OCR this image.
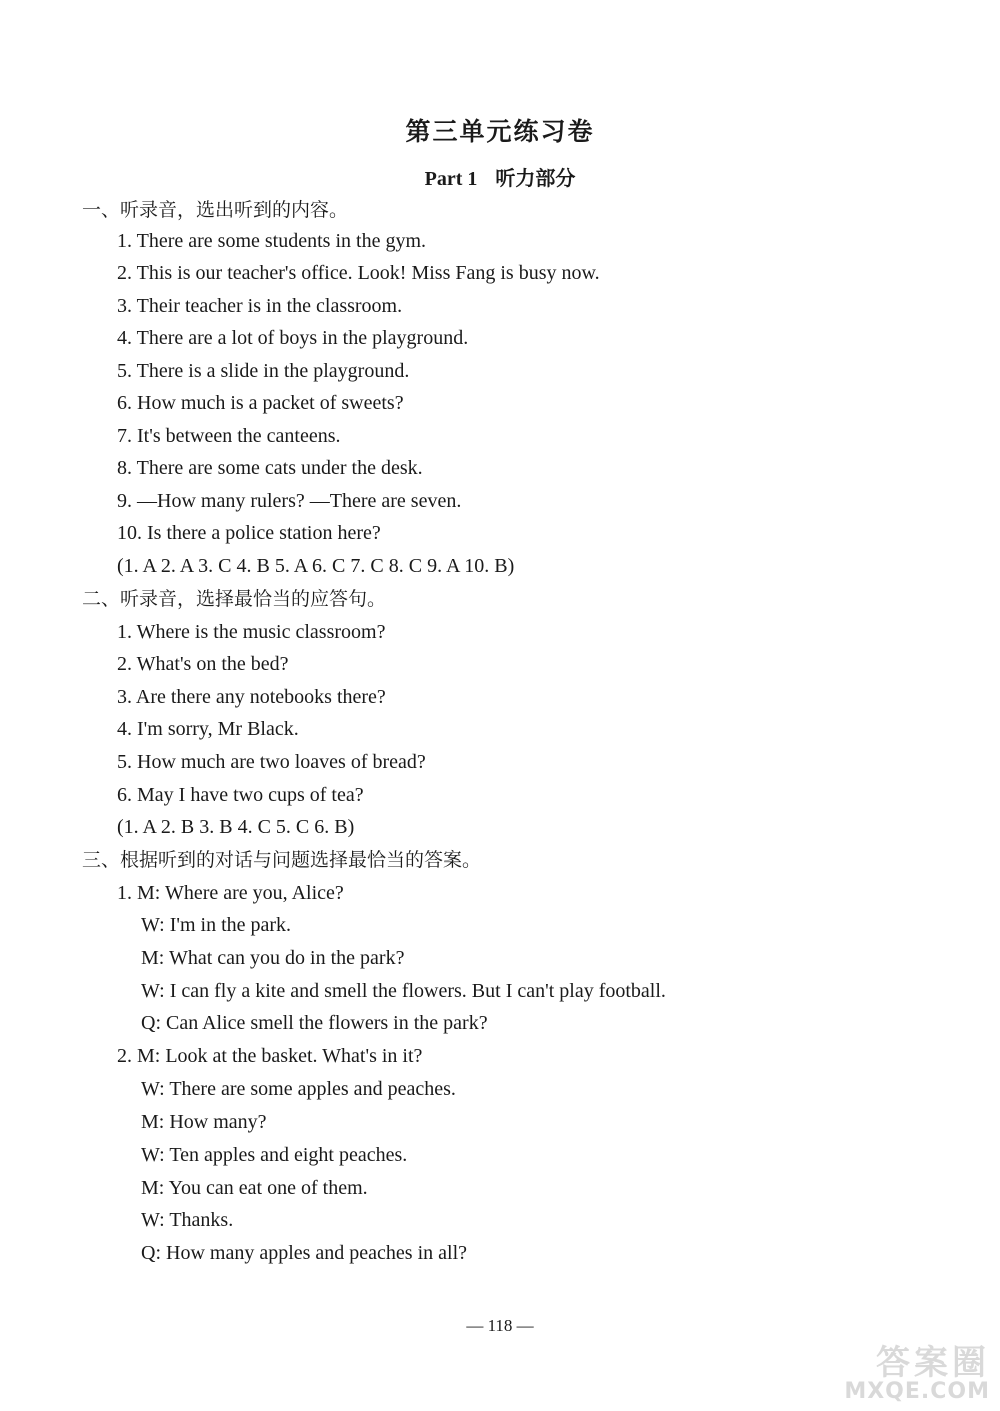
第三单元练习卷
Part 1 听力部分
一、听录音，选出听到的内容。
1. There are some students in the gym.
2. This is our teacher's office. Look! Miss Fang is busy now.
3. Their teacher is in the classroom.
4. There are a lot of boys in the playground.
5. There is a slide in the playground.
6. How much is a packet of sweets?
7. It's between the canteens.
8. There are some cats under the desk.
9. —How many rulers? —There are seven.
10. Is there a police station here?
(1. A 2. A 3. C 4. B 5. A 6. C 7. C 8. C 9. A 10. B)
二、听录音，选择最恰当的应答句。
1. Where is the music classroom?
2. What's on the bed?
3. Are there any notebooks there?
4. I'm sorry, Mr Black.
5. How much are two loaves of bread?
6. May I have two cups of tea?
(1. A 2. B 3. B 4. C 5. C 6. B)
三、根据听到的对话与问题选择最恰当的答案。
1. M: Where are you, Alice?
W: I'm in the park.
M: What can you do in the park?
W: I can fly a kite and smell the flowers. But I can't play football.
Q: Can Alice smell the flowers in the park?
2. M: Look at the basket. What's in it?
W: There are some apples and peaches.
M: How many?
W: Ten apples and eight peaches.
M: You can eat one of them.
W: Thanks.
Q: How many apples and peaches in all?
— 118 —
答案圈
MXQE.COM
